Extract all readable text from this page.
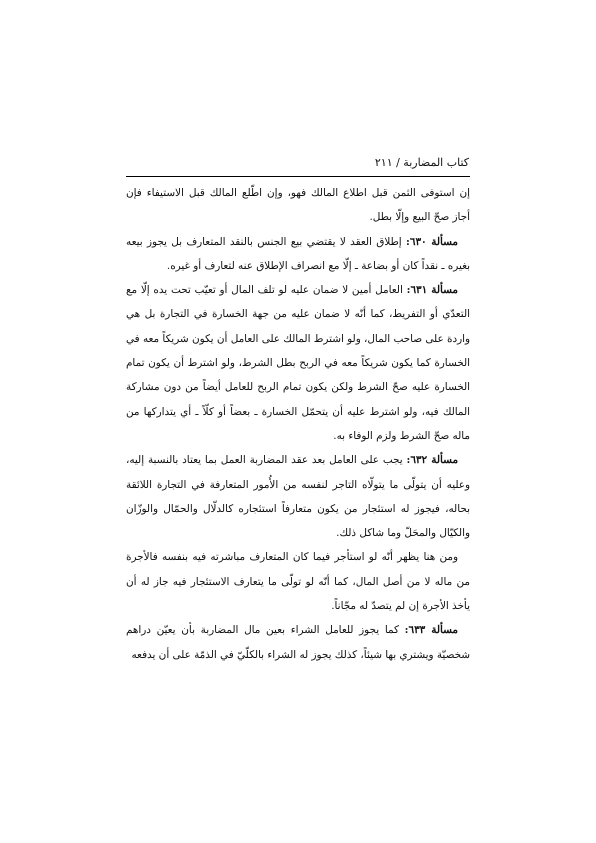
كتاب المضاربة / ٢١١

إن استوفى الثمن قبل اطلاع المالك فهو، وإن اطّلع المالك قبل الاستيفاء فإن أجاز صحّ البيع وإلّا بطل.

مسألة ٦٣٠: إطلاق العقد لا يقتضي بيع الجنس بالنقد المتعارف بل يجوز بيعه بغيره ـ نقداً كان أو بضاعة ـ إلّا مع انصراف الإطلاق عنه لتعارف أو غيره.

مسألة ٦٣١: العامل أمين لا ضمان عليه لو تلف المال أو تعيّب تحت يده إلّا مع التعدّي أو التفريط، كما أنّه لا ضمان عليه من جهة الخسارة في التجارة بل هي واردة على صاحب المال، ولو اشترط المالك على العامل أن يكون شريكاً معه في الخسارة كما يكون شريكاً معه في الربح بطل الشرط، ولو اشترط أن يكون تمام الخسارة عليه صحّ الشرط ولكن يكون تمام الربح للعامل أيضاً من دون مشاركة المالك فيه، ولو اشترط عليه أن يتحمّل الخسارة ـ بعضاً أو كلّاً ـ أي يتداركها من ماله صحّ الشرط ولزم الوفاء به.

مسألة ٦٣٢: يجب على العامل بعد عقد المضاربة العمل بما يعتاد بالنسبة إليه، وعليه أن يتولّى ما يتولّاه التاجر لنفسه من الأُمور المتعارفة في التجارة اللائقة بحاله، فيجوز له استئجار من يكون متعارفاً استئجاره كالدلّال والحمّال والوزّان والكيّال والمحَلّ وما شاكل ذلك.

ومن هنا يظهر أنّه لو استأجر فيما كان المتعارف مباشرته فيه بنفسه فالأجرة من ماله لا من أصل المال، كما أنّه لو تولّى ما يتعارف الاستئجار فيه جاز له أن يأخذ الأجرة إن لم يتصدّ له مجّاناً.

مسألة ٦٣٣: كما يجوز للعامل الشراء بعين مال المضاربة بأن يعيّن دراهم شخصيّة ويشتري بها شيئاً، كذلك يجوز له الشراء بالكلّيّ في الذمّة على أن يدفعه
